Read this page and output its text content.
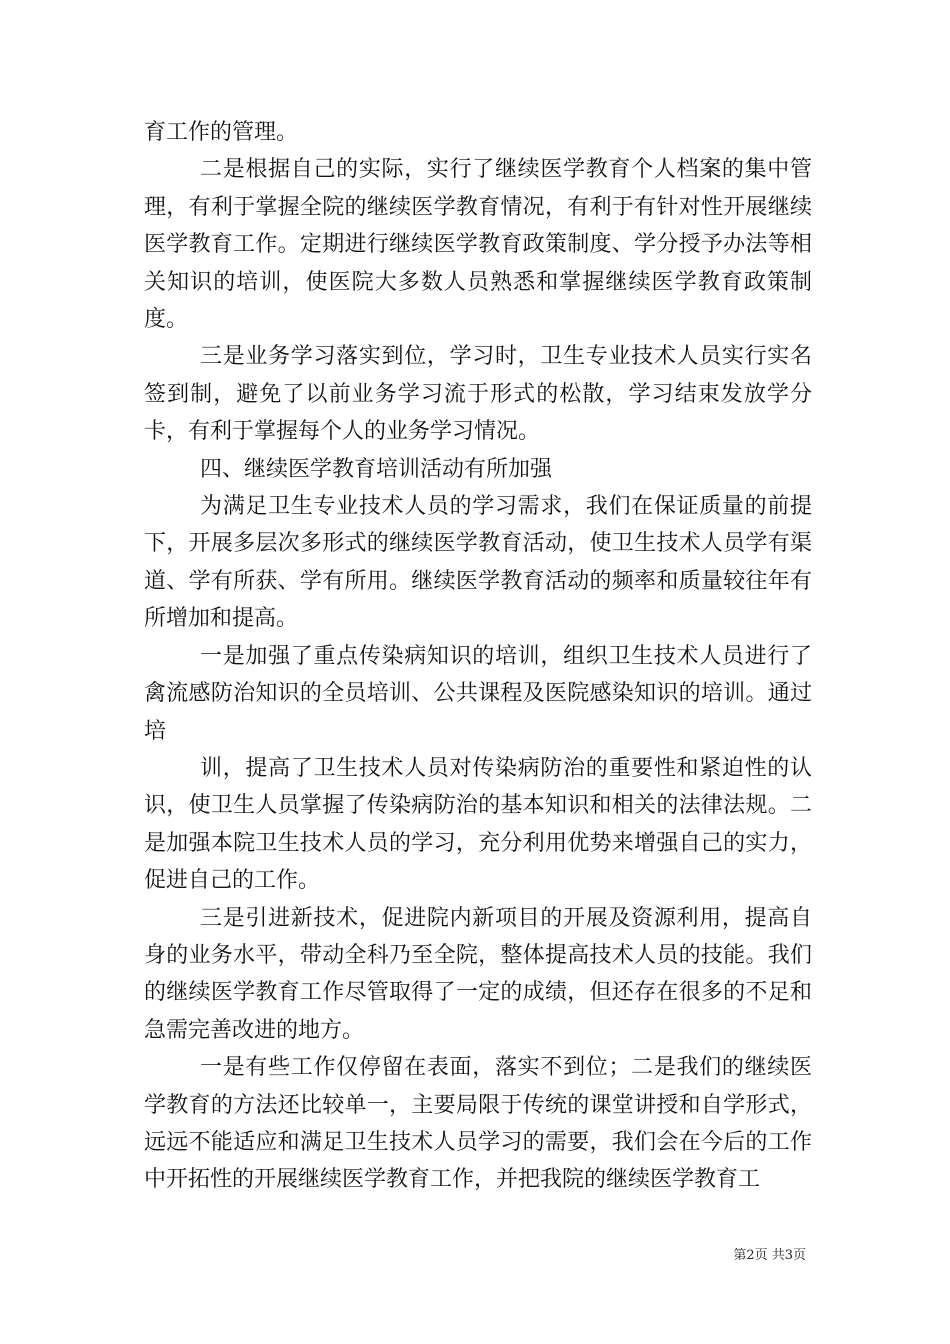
育工作的管理。

二是根据自己的实际，实行了继续医学教育个人档案的集中管理，有利于掌握全院的继续医学教育情况，有利于有针对性开展继续医学教育工作。定期进行继续医学教育政策制度、学分授予办法等相关知识的培训，使医院大多数人员熟悉和掌握继续医学教育政策制度。

三是业务学习落实到位，学习时，卫生专业技术人员实行实名签到制，避免了以前业务学习流于形式的松散，学习结束发放学分卡，有利于掌握每个人的业务学习情况。

四、继续医学教育培训活动有所加强

为满足卫生专业技术人员的学习需求，我们在保证质量的前提下，开展多层次多形式的继续医学教育活动，使卫生技术人员学有渠道、学有所获、学有所用。继续医学教育活动的频率和质量较往年有所增加和提高。

一是加强了重点传染病知识的培训，组织卫生技术人员进行了禽流感防治知识的全员培训、公共课程及医院感染知识的培训。通过培

训，提高了卫生技术人员对传染病防治的重要性和紧迫性的认识，使卫生人员掌握了传染病防治的基本知识和相关的法律法规。二是加强本院卫生技术人员的学习，充分利用优势来增强自己的实力，促进自己的工作。

三是引进新技术，促进院内新项目的开展及资源利用，提高自身的业务水平，带动全科乃至全院，整体提高技术人员的技能。我们的继续医学教育工作尽管取得了一定的成绩，但还存在很多的不足和急需完善改进的地方。

一是有些工作仅停留在表面，落实不到位；二是我们的继续医学教育的方法还比较单一，主要局限于传统的课堂讲授和自学形式，远远不能适应和满足卫生技术人员学习的需要，我们会在今后的工作中开拓性的开展继续医学教育工作，并把我院的继续医学教育工

第2页 共3页
